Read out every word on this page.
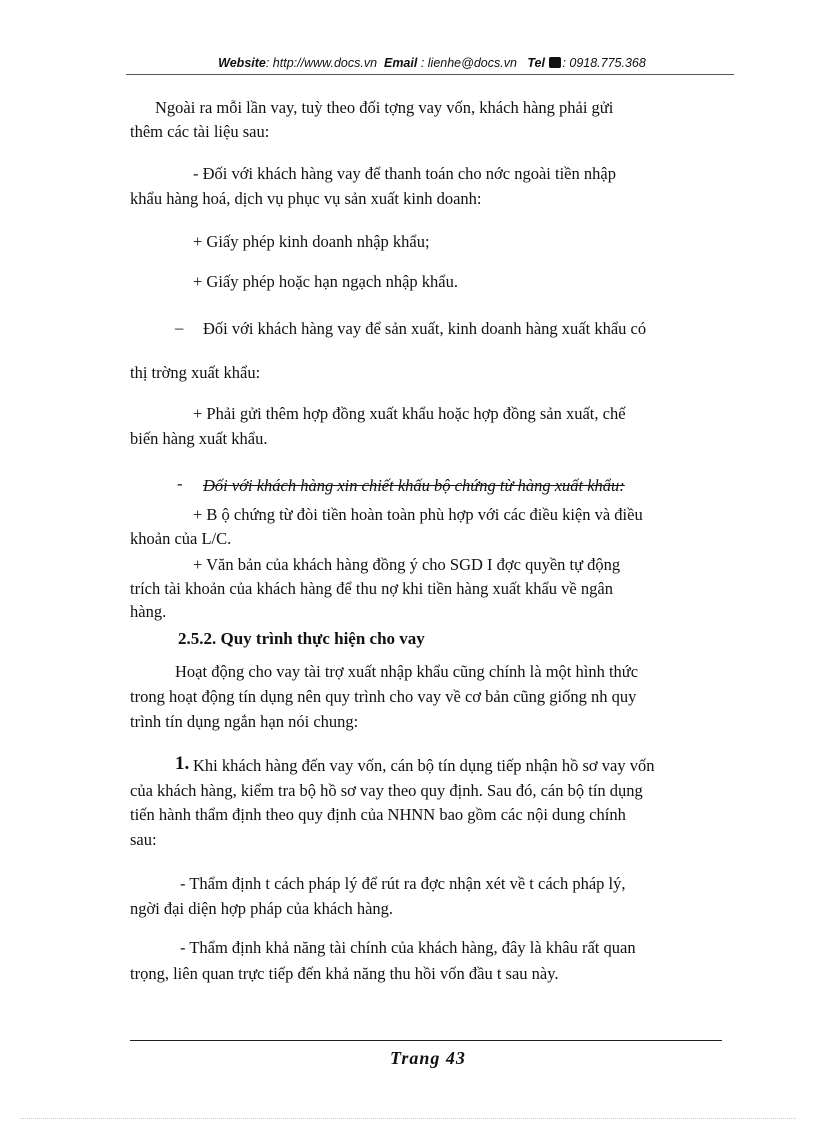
Website: http://www.docs.vn Email : lienhe@docs.vn Tel : 0918.775.368
Ngoài ra mỗi lần vay, tuỳ theo đối tợng vay vốn, khách hàng phải gửi
thêm các tài liệu sau:
- Đối với khách hàng vay để thanh toán cho nớc ngoài tiền nhập
khẩu hàng hoá, dịch vụ phục vụ sản xuất kinh doanh:
+ Giấy phép kinh doanh nhập khẩu;
+ Giấy phép hoặc hạn ngạch nhập khẩu.
– Đối với khách hàng vay để sản xuất, kinh doanh hàng xuất khẩu có
thị trờng xuất khẩu:
+ Phải gửi thêm hợp đồng xuất khẩu hoặc hợp đồng sản xuất, chế
biến hàng xuất khẩu.
- Đối với khách hàng xin chiết khấu bộ chứng từ hàng xuất khẩu:
+ B ộ chứng từ đòi tiền hoàn toàn phù hợp với các điều kiện và điều
khoản của L/C.
+ Văn bản của khách hàng đồng ý cho SGD I đợc quyền tự động
trích tài khoản của khách hàng để thu nợ khi tiền hàng xuất khẩu về ngân
hàng.
2.5.2. Quy trình thực hiện cho vay
Hoạt động cho vay tài trợ xuất nhập khẩu cũng chính là một hình thức
trong hoạt động tín dụng nên quy trình cho vay về cơ bản cũng giống nh quy
trình tín dụng ngắn hạn nói chung:
1. Khi khách hàng đến vay vốn, cán bộ tín dụng tiếp nhận hồ sơ vay vốn
của khách hàng, kiểm tra bộ hồ sơ vay theo quy định. Sau đó, cán bộ tín dụng
tiến hành thẩm định theo quy định của NHNN bao gồm các nội dung chính
sau:
- Thẩm định t cách pháp lý để rút ra đợc nhận xét về t cách pháp lý,
ngời đại diện hợp pháp của khách hàng.
- Thẩm định khả năng tài chính của khách hàng, đây là khâu rất quan
trọng, liên quan trực tiếp đến khả năng thu hồi vốn đầu t sau này.
Trang 43
